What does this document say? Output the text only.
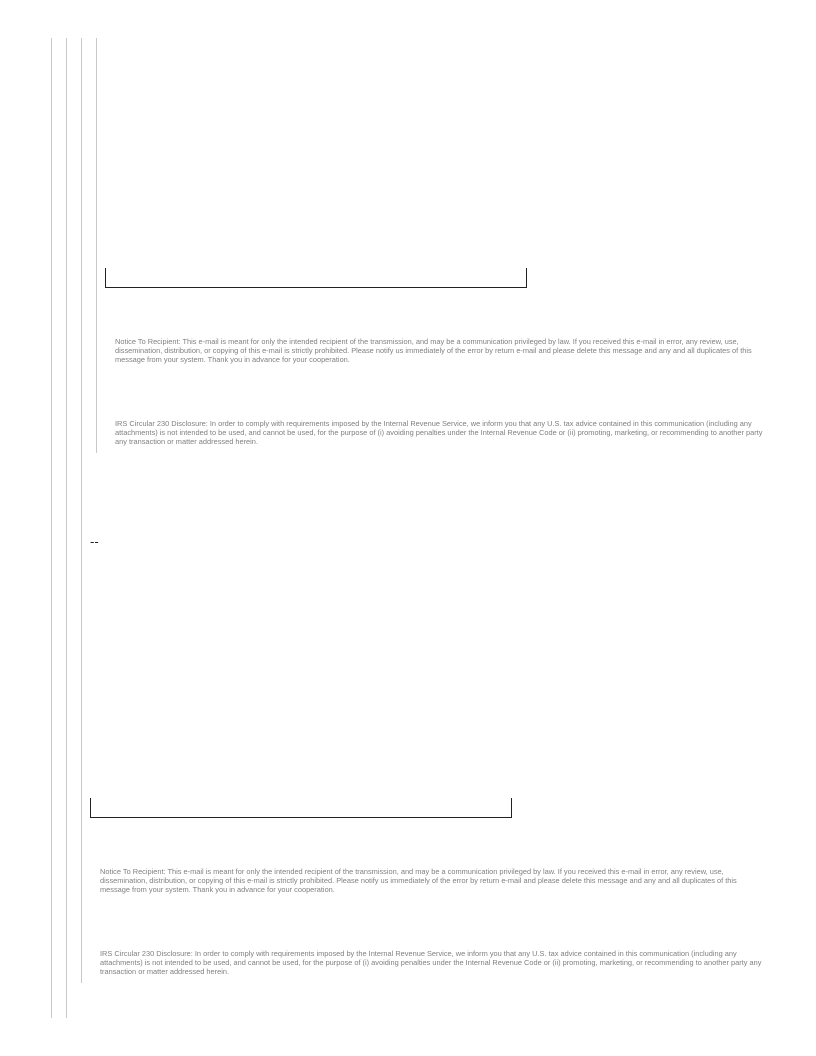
Notice To Recipient: This e-mail is meant for only the intended recipient of the transmission, and may be a communication privileged by law. If you received this e-mail in error, any review, use, dissemination, distribution, or copying of this e-mail is strictly prohibited. Please notify us immediately of the error by return e-mail and please delete this message and any and all duplicates of this message from your system. Thank you in advance for your cooperation.

IRS Circular 230 Disclosure: In order to comply with requirements imposed by the Internal Revenue Service, we inform you that any U.S. tax advice contained in this communication (including any attachments) is not intended to be used, and cannot be used, for the purpose of (i) avoiding penalties under the Internal Revenue Code or (ii) promoting, marketing, or recommending to another party any transaction or matter addressed herein.

--

Notice To Recipient: This e-mail is meant for only the intended recipient of the transmission, and may be a communication privileged by law. If you received this e-mail in error, any review, use, dissemination, distribution, or copying of this e-mail is strictly prohibited. Please notify us immediately of the error by return e-mail and please delete this message and any and all duplicates of this message from your system. Thank you in advance for your cooperation.

IRS Circular 230 Disclosure: In order to comply with requirements imposed by the Internal Revenue Service, we inform you that any U.S. tax advice contained in this communication (including any attachments) is not intended to be used, and cannot be used, for the purpose of (i) avoiding penalties under the Internal Revenue Code or (ii) promoting, marketing, or recommending to another party any transaction or matter addressed herein.
